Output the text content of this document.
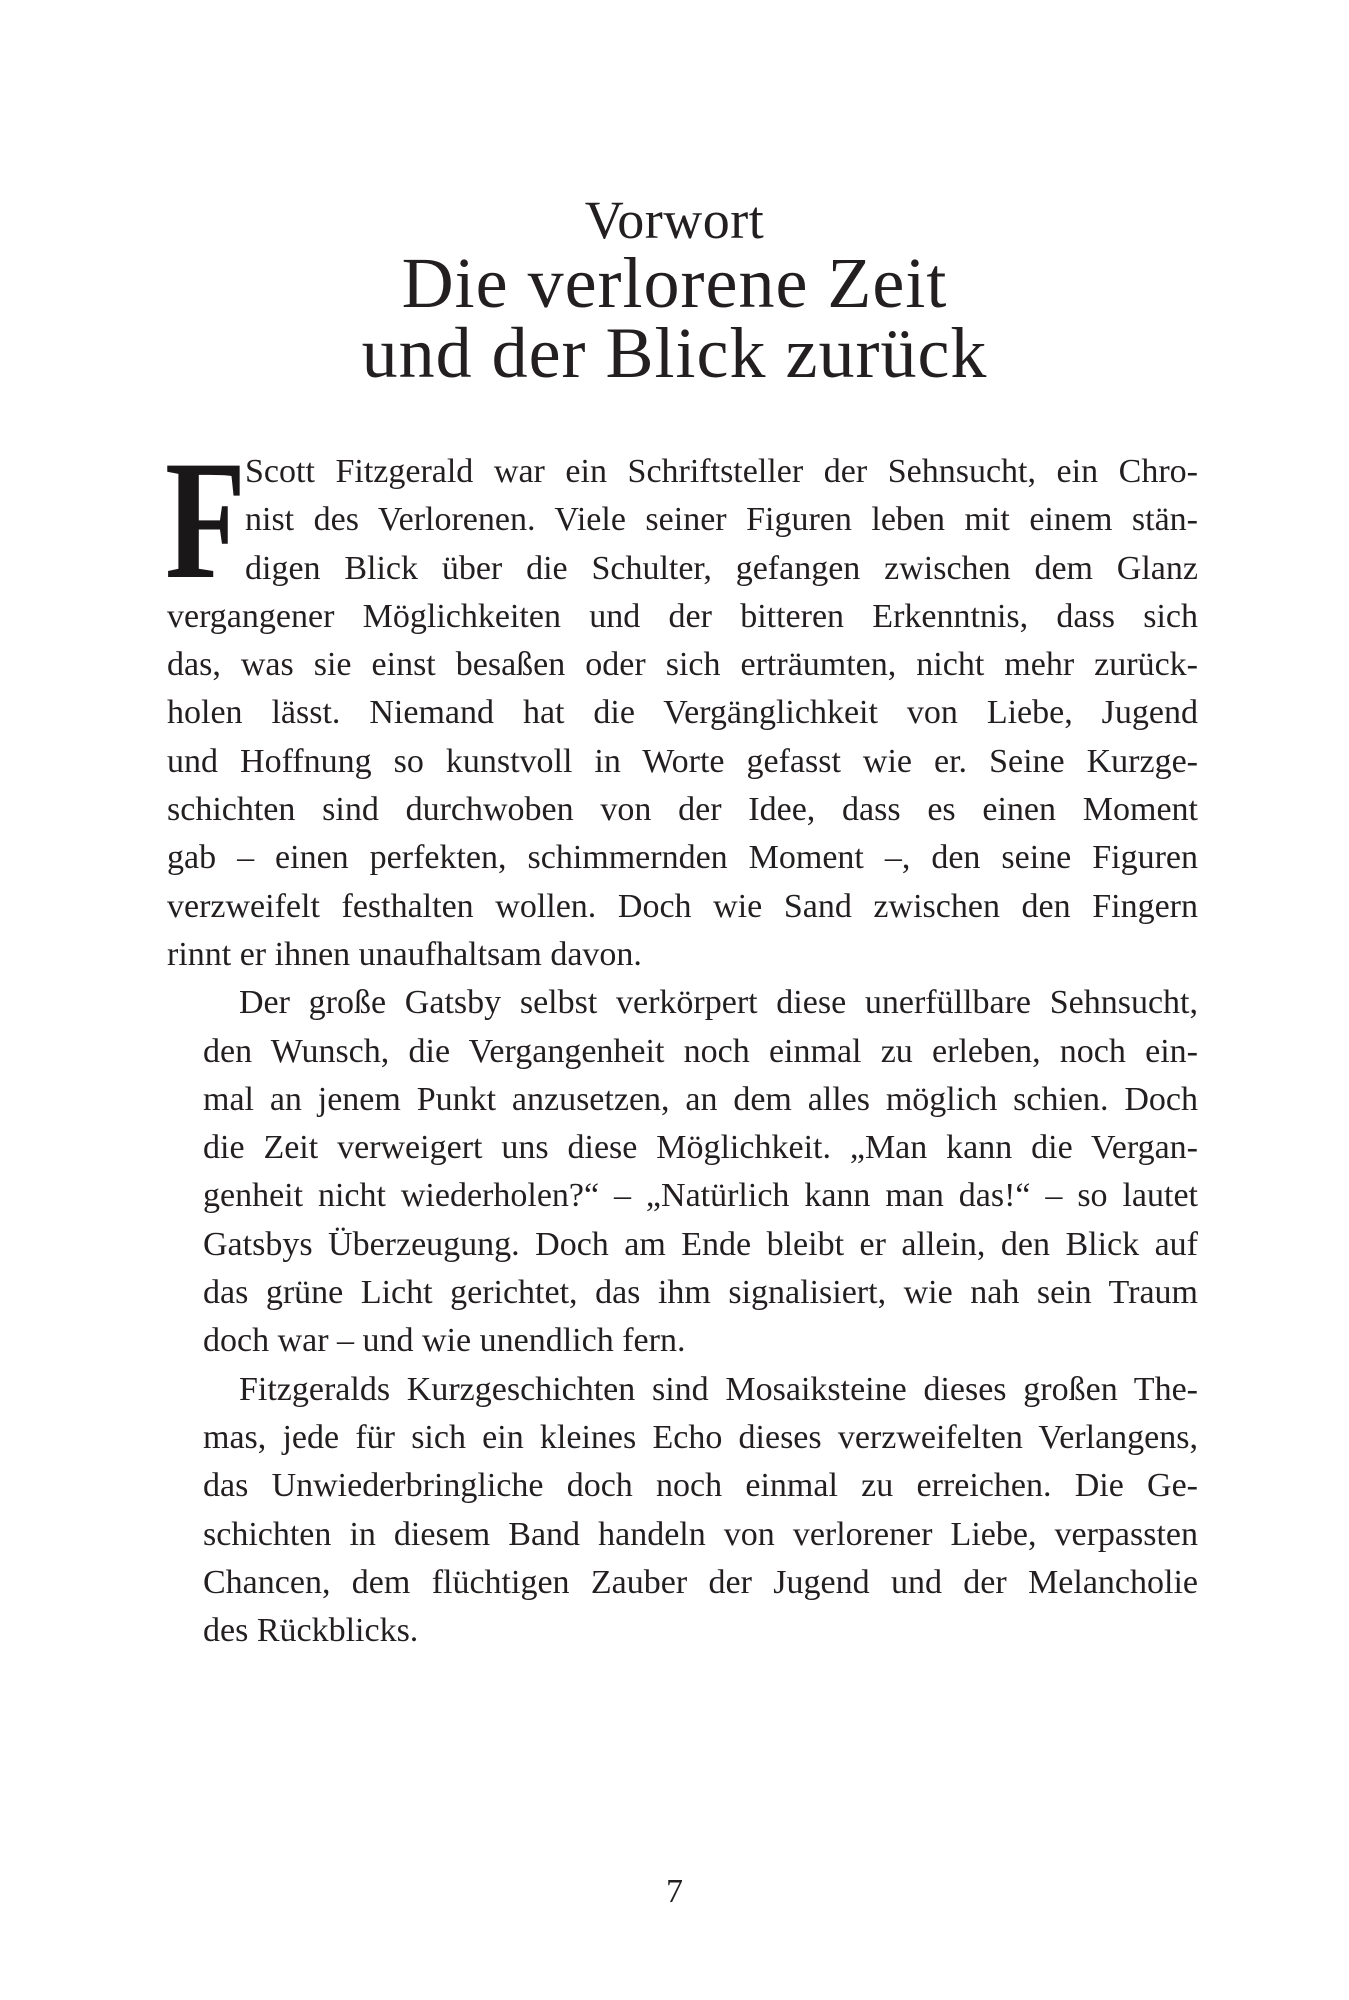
Vorwort
Die verlorene Zeit
und der Blick zurück

F Scott Fitzgerald war ein Schriftsteller der Sehnsucht, ein Chro-
nist des Verlorenen. Viele seiner Figuren leben mit einem stän-
digen Blick über die Schulter, gefangen zwischen dem Glanz
vergangener Möglichkeiten und der bitteren Erkenntnis, dass sich
das, was sie einst besaßen oder sich erträumten, nicht mehr zurück-
holen lässt. Niemand hat die Vergänglichkeit von Liebe, Jugend
und Hoffnung so kunstvoll in Worte gefasst wie er. Seine Kurzge-
schichten sind durchwoben von der Idee, dass es einen Moment
gab – einen perfekten, schimmernden Moment –, den seine Figuren
verzweifelt festhalten wollen. Doch wie Sand zwischen den Fingern
rinnt er ihnen unaufhaltsam davon.

Der große Gatsby selbst verkörpert diese unerfüllbare Sehnsucht,
den Wunsch, die Vergangenheit noch einmal zu erleben, noch ein-
mal an jenem Punkt anzusetzen, an dem alles möglich schien. Doch
die Zeit verweigert uns diese Möglichkeit. „Man kann die Vergan-
genheit nicht wiederholen?“ – „Natürlich kann man das!“ – so lautet
Gatsbys Überzeugung. Doch am Ende bleibt er allein, den Blick auf
das grüne Licht gerichtet, das ihm signalisiert, wie nah sein Traum
doch war – und wie unendlich fern.

Fitzgeralds Kurzgeschichten sind Mosaiksteine dieses großen The-
mas, jede für sich ein kleines Echo dieses verzweifelten Verlangens,
das Unwiederbringliche doch noch einmal zu erreichen. Die Ge-
schichten in diesem Band handeln von verlorener Liebe, verpassten
Chancen, dem flüchtigen Zauber der Jugend und der Melancholie
des Rückblicks.

7
